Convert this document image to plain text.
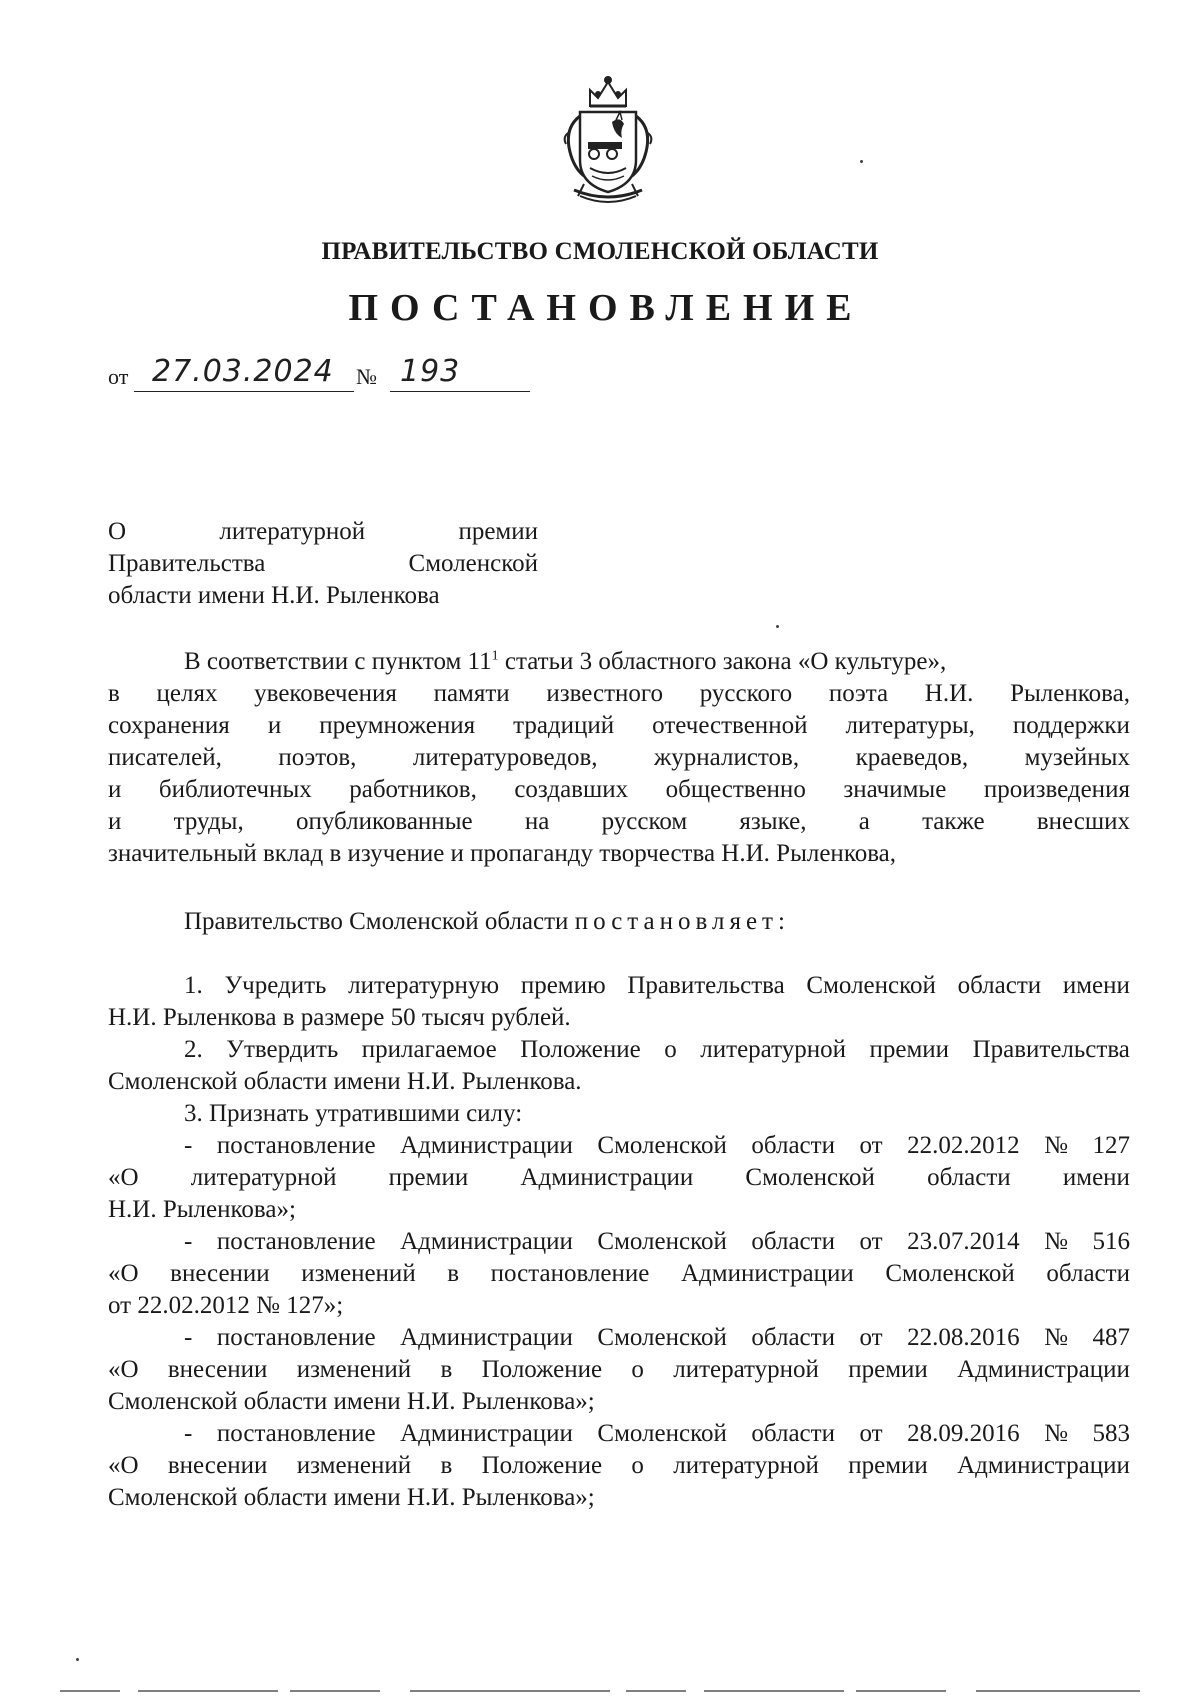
ПРАВИТЕЛЬСТВО СМОЛЕНСКОЙ ОБЛАСТИ
ПОСТАНОВЛЕНИЕ
от 27.03.2024 № 193
О	литературной	премии
Правительства	Смоленской
области имени Н.И. Рыленкова
В соответствии с пунктом $11^1$ статьи 3 областного закона «О культуре»,
в целях увековечения памяти известного русского поэта Н.И. Рыленкова,
сохранения и преумножения традиций отечественной литературы, поддержки
писателей, поэтов, литературоведов, журналистов, краеведов, музейных
и библиотечных работников, создавших общественно значимые произведения
и труды, опубликованные на русском языке, а также внесших
значительный вклад в изучение и пропаганду творчества Н.И. Рыленкова,
Правительство Смоленской области постановляет:
1. Учредить литературную премию Правительства Смоленской области имени
Н.И. Рыленкова в размере 50 тысяч рублей.
2. Утвердить прилагаемое Положение о литературной премии Правительства
Смоленской области имени Н.И. Рыленкова.
3. Признать утратившими силу:
- постановление Администрации Смоленской области от 22.02.2012 № 127
«О литературной премии Администрации Смоленской области имени
Н.И. Рыленкова»;
- постановление Администрации Смоленской области от 23.07.2014 № 516
«О внесении изменений в постановление Администрации Смоленской области
от 22.02.2012 № 127»;
- постановление Администрации Смоленской области от 22.08.2016 № 487
«О внесении изменений в Положение о литературной премии Администрации
Смоленской области имени Н.И. Рыленкова»;
- постановление Администрации Смоленской области от 28.09.2016 № 583
«О внесении изменений в Положение о литературной премии Администрации
Смоленской области имени Н.И. Рыленкова»;
